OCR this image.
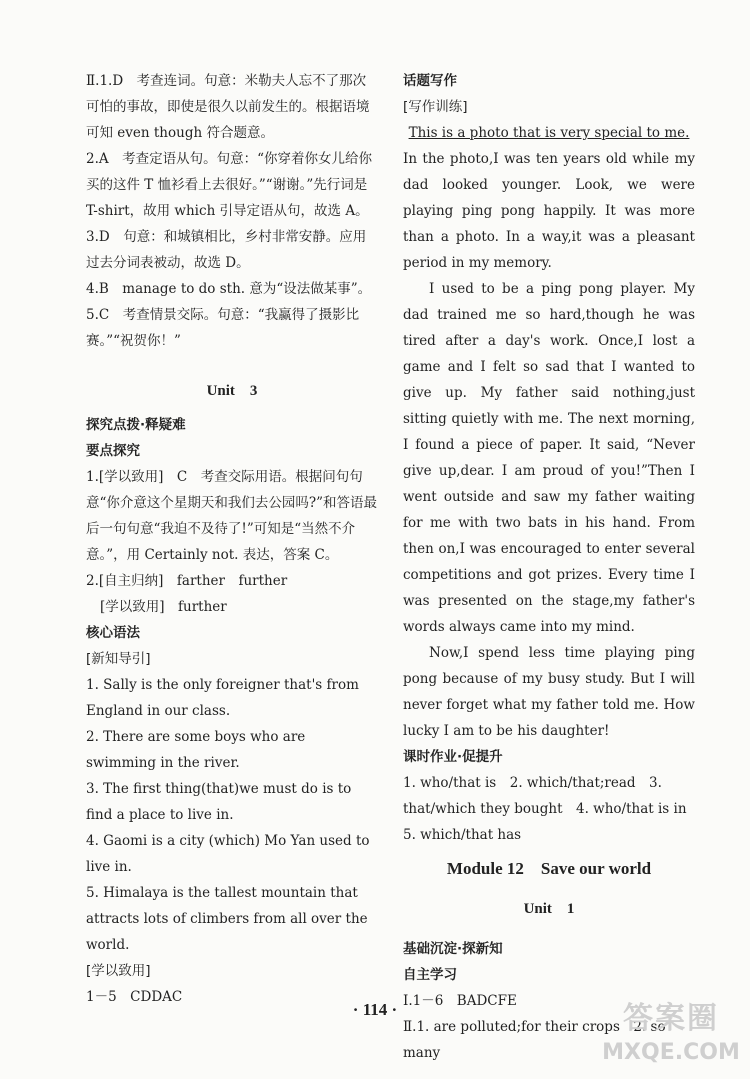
Ⅱ.1.D　考查连词。句意：米勒夫人忘不了那次可怕的事故，即使是很久以前发生的。根据语境可知 even though 符合题意。

2.A　考查定语从句。句意：“你穿着你女儿给你买的这件 T 恤衫看上去很好。”“谢谢。”先行词是 T-shirt，故用 which 引导定语从句，故选 A。

3.D　句意：和城镇相比，乡村非常安静。应用过去分词表被动，故选 D。

4.B　manage to do sth. 意为“设法做某事”。

5.C　考查情景交际。句意：“我赢得了摄影比赛。”“祝贺你！”

Unit　3

探究点拨·释疑难

要点探究

1.[学以致用]　C　考查交际用语。根据问句句意“你介意这个星期天和我们去公园吗?”和答语最后一句句意“我迫不及待了!”可知是“当然不介意。”，用 Certainly not. 表达，答案 C。

2.[自主归纳]　farther　further

[学以致用]　further

核心语法

[新知导引]

1. Sally is the only foreigner that's from England in our class.

2. There are some boys who are swimming in the river.

3. The first thing(that)we must do is to find a place to live in.

4. Gaomi is a city (which) Mo Yan used to live in.

5. Himalaya is the tallest mountain that attracts lots of climbers from all over the world.

[学以致用]

1－5　CDDAC

话题写作

[写作训练]

This is a photo that is very special to me.

In the photo,I was ten years old while my dad looked younger. Look, we were playing ping pong happily. It was more than a photo. In a way,it was a pleasant period in my memory.

I used to be a ping pong player. My dad trained me so hard,though he was tired after a day's work. Once,I lost a game and I felt so sad that I wanted to give up. My father said nothing,just sitting quietly with me. The next morning, I found a piece of paper. It said, “Never give up,dear. I am proud of you!”Then I went outside and saw my father waiting for me with two bats in his hand. From then on,I was encouraged to enter several competitions and got prizes. Every time I was presented on the stage,my father's words always came into my mind.

Now,I spend less time playing ping pong because of my busy study. But I will never forget what my father told me. How lucky I am to be his daughter!

课时作业·促提升

1. who/that is　2. which/that;read　3. that/which they bought　4. who/that is in

5. which/that has

Module 12　Save our world

Unit　1

基础沉淀·探新知

自主学习

Ⅰ.1－6　BADCFE

Ⅱ.1. are polluted;for their crops　2. so many

· 114 ·	答案圈
MXQE.COM
